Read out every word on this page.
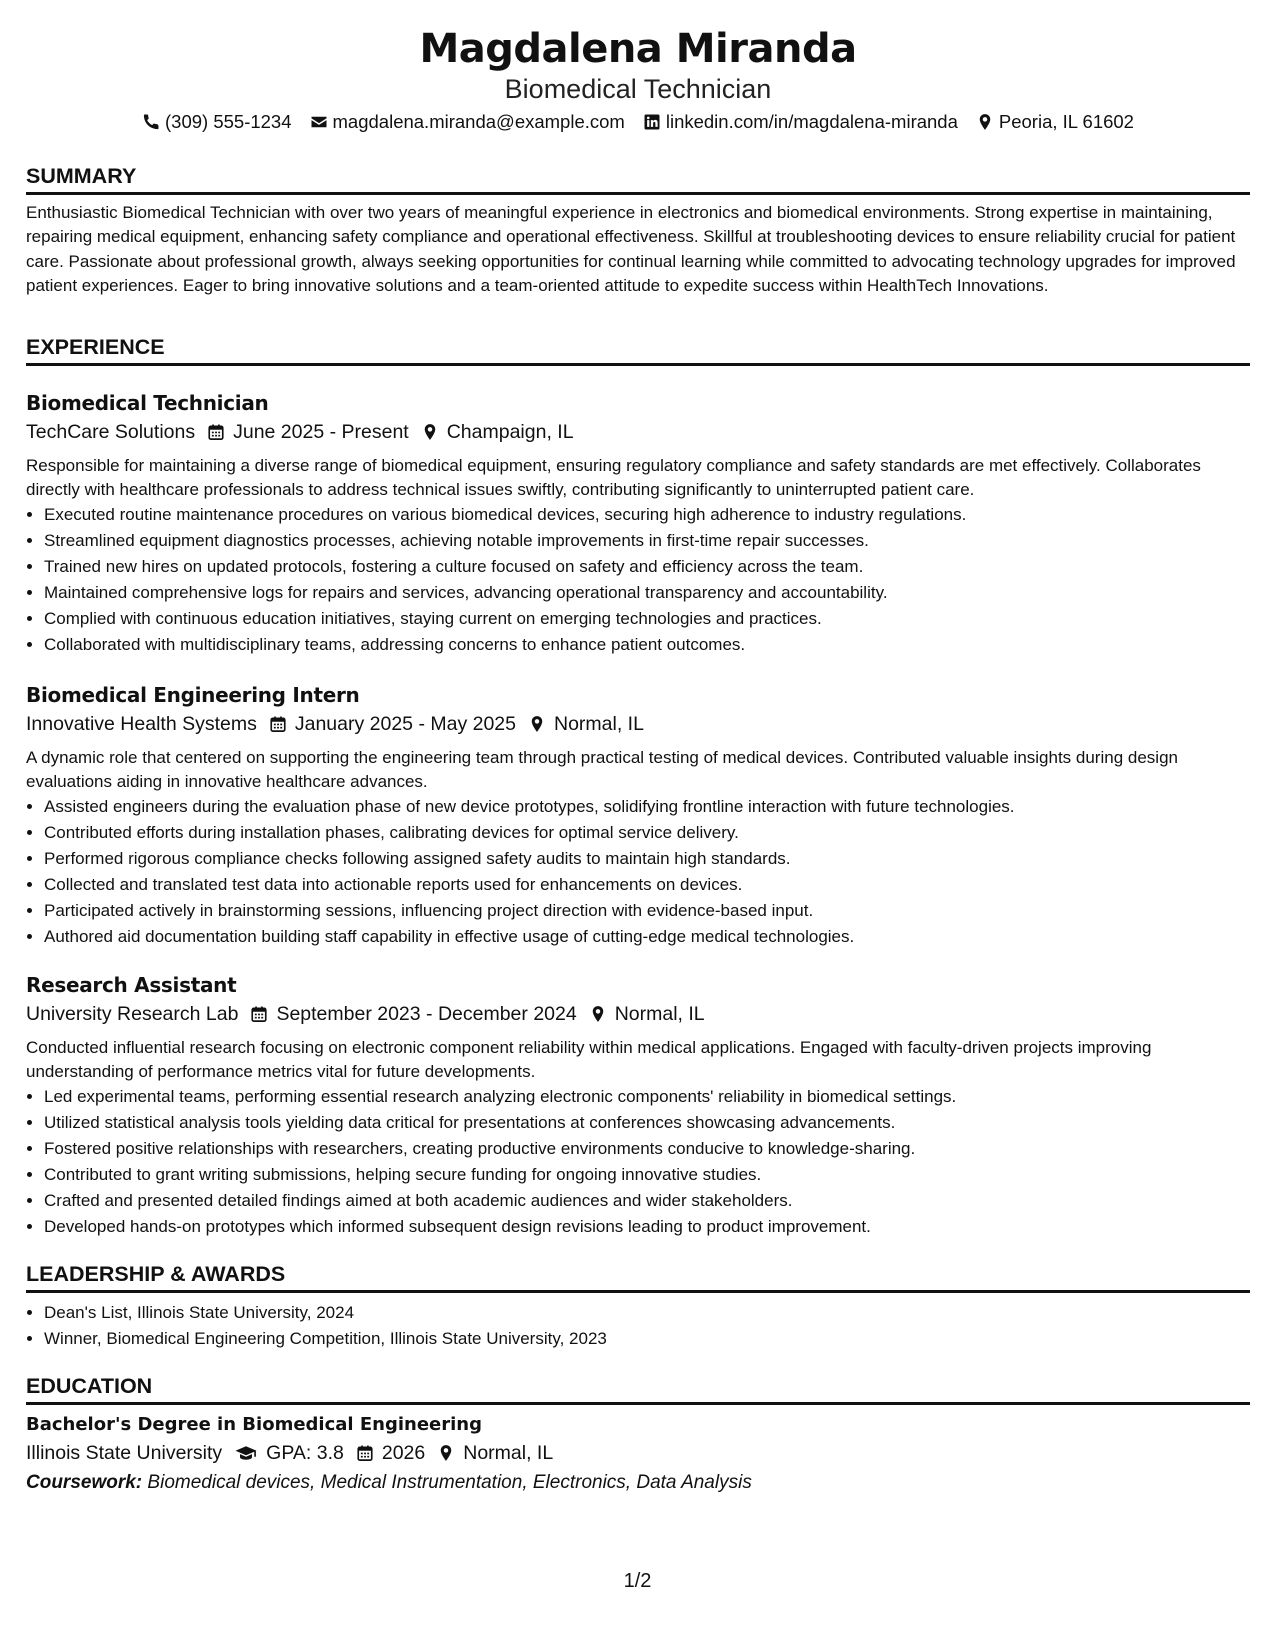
Magdalena Miranda
Biomedical Technician
(309) 555-1234 magdalena.miranda@example.com linkedin.com/in/magdalena-miranda Peoria, IL 61602
SUMMARY

Enthusiastic Biomedical Technician with over two years of meaningful experience in electronics and biomedical environments. Strong expertise in maintaining, repairing medical equipment, enhancing safety compliance and operational effectiveness. Skillful at troubleshooting devices to ensure reliability crucial for patient care. Passionate about professional growth, always seeking opportunities for continual learning while committed to advocating technology upgrades for improved patient experiences. Eager to bring innovative solutions and a team-oriented attitude to expedite success within HealthTech Innovations.

EXPERIENCE
Biomedical Technician
TechCare Solutions June 2025 - Present Champaign, IL

Responsible for maintaining a diverse range of biomedical equipment, ensuring regulatory compliance and safety standards are met effectively. Collaborates directly with healthcare professionals to address technical issues swiftly, contributing significantly to uninterrupted patient care.

• Executed routine maintenance procedures on various biomedical devices, securing high adherence to industry regulations.
• Streamlined equipment diagnostics processes, achieving notable improvements in first-time repair successes.
• Trained new hires on updated protocols, fostering a culture focused on safety and efficiency across the team.
• Maintained comprehensive logs for repairs and services, advancing operational transparency and accountability.
• Complied with continuous education initiatives, staying current on emerging technologies and practices.
• Collaborated with multidisciplinary teams, addressing concerns to enhance patient outcomes.
Biomedical Engineering Intern
Innovative Health Systems January 2025 - May 2025 Normal, IL

A dynamic role that centered on supporting the engineering team through practical testing of medical devices. Contributed valuable insights during design evaluations aiding in innovative healthcare advances.

• Assisted engineers during the evaluation phase of new device prototypes, solidifying frontline interaction with future technologies.
• Contributed efforts during installation phases, calibrating devices for optimal service delivery.
• Performed rigorous compliance checks following assigned safety audits to maintain high standards.
• Collected and translated test data into actionable reports used for enhancements on devices.
• Participated actively in brainstorming sessions, influencing project direction with evidence-based input.
• Authored aid documentation building staff capability in effective usage of cutting-edge medical technologies.
Research Assistant
University Research Lab September 2023 - December 2024 Normal, IL

Conducted influential research focusing on electronic component reliability within medical applications. Engaged with faculty-driven projects improving understanding of performance metrics vital for future developments.

• Led experimental teams, performing essential research analyzing electronic components' reliability in biomedical settings.
• Utilized statistical analysis tools yielding data critical for presentations at conferences showcasing advancements.
• Fostered positive relationships with researchers, creating productive environments conducive to knowledge-sharing.
• Contributed to grant writing submissions, helping secure funding for ongoing innovative studies.
• Crafted and presented detailed findings aimed at both academic audiences and wider stakeholders.
• Developed hands-on prototypes which informed subsequent design revisions leading to product improvement.
LEADERSHIP & AWARDS
• Dean's List, Illinois State University, 2024
• Winner, Biomedical Engineering Competition, Illinois State University, 2023
EDUCATION
Bachelor's Degree in Biomedical Engineering
Illinois State University GPA: 3.8 2026 Normal, IL
Coursework: Biomedical devices, Medical Instrumentation, Electronics, Data Analysis
1/2
